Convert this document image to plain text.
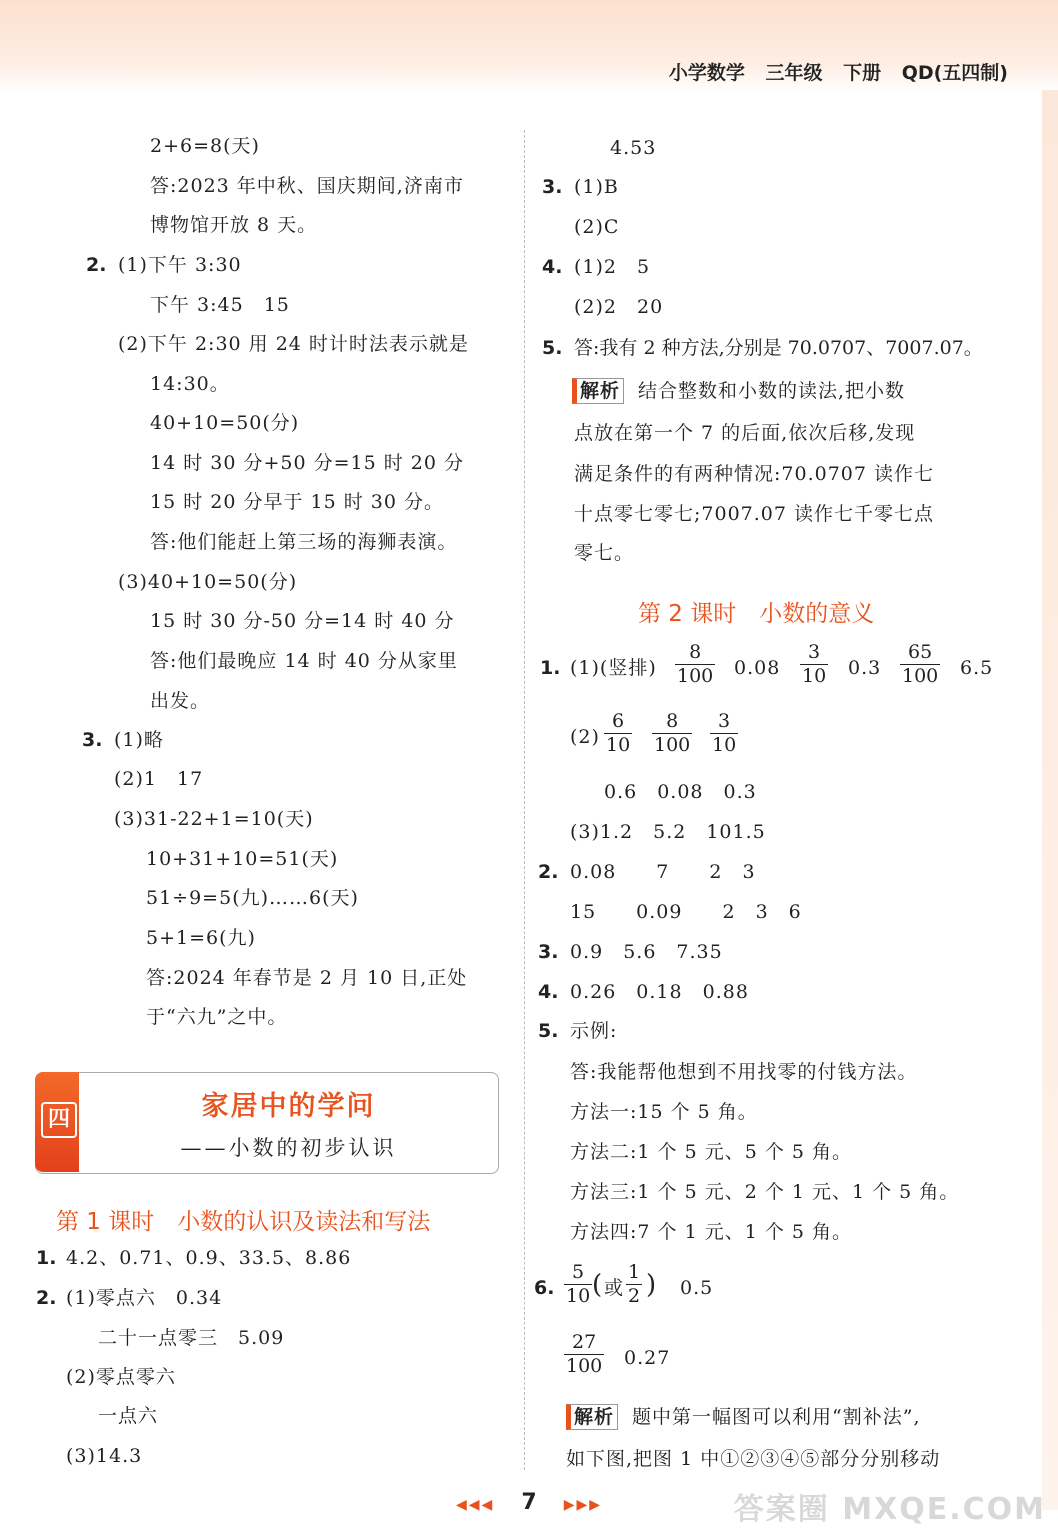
小学数学 三年级 下册 QD(五四制)
2+6=8(天)
答:2023 年中秋、国庆期间,济南市
博物馆开放 8 天。
2. (1)下午 3:30
下午 3:45　15
(2)下午 2:30 用 24 时计时法表示就是
14:30。
40+10=50(分)
14 时 30 分+50 分=15 时 20 分
15 时 20 分早于 15 时 30 分。
答:他们能赶上第三场的海狮表演。
(3)40+10=50(分)
15 时 30 分-50 分=14 时 40 分
答:他们最晚应 14 时 40 分从家里
出发。
3. (1)略
(2)1　17
(3)31-22+1=10(天)
10+31+10=51(天)
51÷9=5(九)……6(天)
5+1=6(九)
答:2024 年春节是 2 月 10 日,正处
于“六九”之中。
四	家居中的学问
——小数的初步认识
第 1 课时　小数的认识及读法和写法
1. 4.2、0.71、0.9、33.5、8.86
2. (1)零点六　0.34
二十一点零三　5.09
(2)零点零六
一点六
(3)14.3
4.53
3. (1)B
(2)C
4. (1)2　5
(2)2　20
5. 答:我有 2 种方法,分别是 70.0707、7007.07。
解析 结合整数和小数的读法,把小数
点放在第一个 7 的后面,依次后移,发现
满足条件的有两种情况:70.0707 读作七
十点零七零七;7007.07 读作七千零七点
零七。
第 2 课时　小数的意义
1. (1)(竖排) $\frac{8}{100} 0.08 \frac{3}{10} 0.3 \frac{65}{100} 6.5$
$(2) \frac{6}{10} \frac{8}{100} \frac{3}{10}$
0.6　0.08　0.3
(3)1.2　5.2　101.5
2. 0.08　　7　　2　3
15　　0.09　　2　3　6
3. 0.9　5.6　7.35
4. 0.26　0.18　0.88
5. 示例:
答:我能帮他想到不用找零的付钱方法。
方法一:15 个 5 角。
方法二:1 个 5 元、5 个 5 角。
方法三:1 个 5 元、2 个 1 元、1 个 5 角。
方法四:7 个 1 元、1 个 5 角。
6. $\frac{5}{10}$ ( 或 $\frac{1}{2}$ ) 0.5
$\frac{27}{100} 0.27$
解析 题中第一幅图可以利用“割补法”,
如下图,把图 1 中①②③④⑤部分分别移动
◀◀◀ 7 ▶▶▶	答案圈 MXQE.COM
